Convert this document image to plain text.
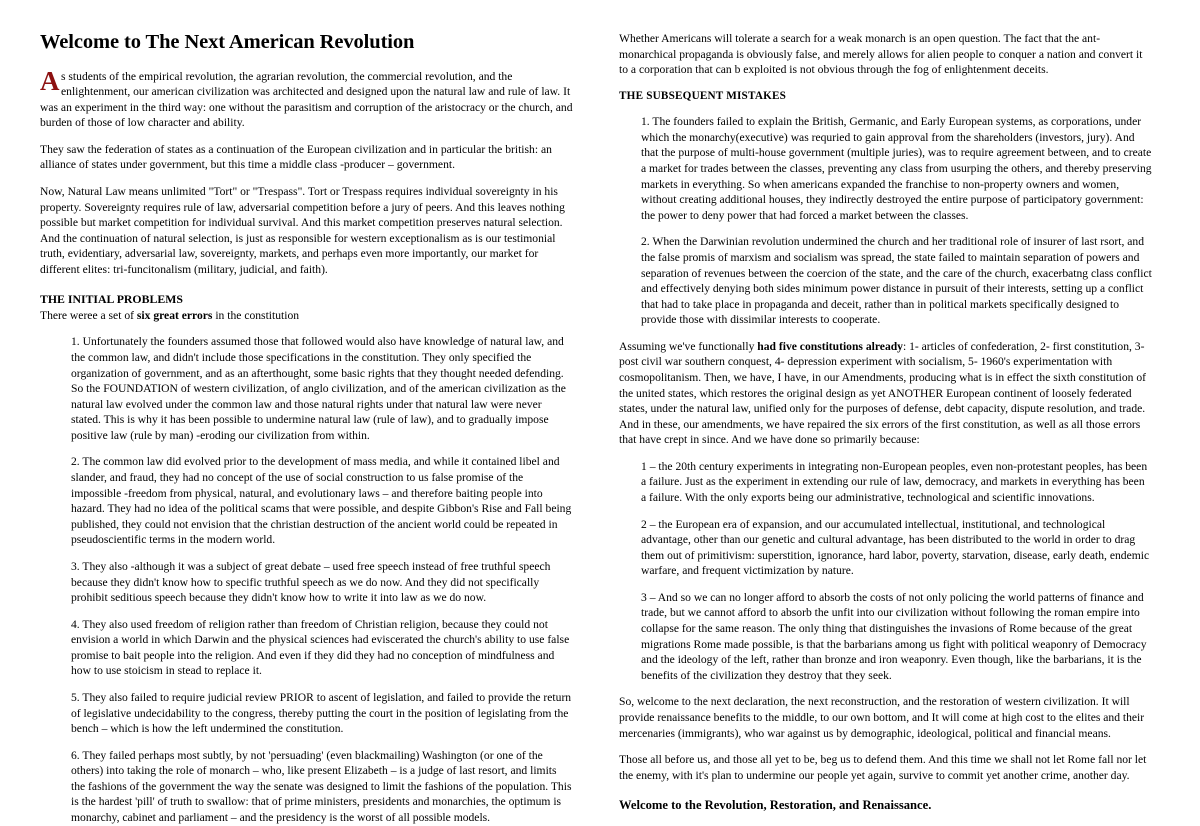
Welcome to The Next American Revolution

As students of the empirical revolution, the agrarian revolution, the commercial revolution, and the enlightenment, our american civilization was architected and designed upon the natural law and rule of law. It was an experiment in the third way: one without the parasitism and corruption of the aristocracy or the church, and burden of those of low character and ability.

They saw the federation of states as a continuation of the European civilization and in particular the british: an alliance of states under government, but this time a middle class -producer – government.

Now, Natural Law means unlimited "Tort" or "Trespass". Tort or Trespass requires individual sovereignty in his property. Sovereignty requires rule of law, adversarial competition before a jury of peers. And this leaves nothing possible but market competition for individual survival. And this market competition preserves natural selection. And the continuation of natural selection, is just as responsible for western exceptionalism as is our testimonial truth, evidentiary, adversarial law, sovereignty, markets, and perhaps even more importantly, our market for different elites: tri-funcitonalism (military, judicial, and faith).

THE INITIAL PROBLEMS

There weree a set of six great errors in the constitution

1. Unfortunately the founders assumed those that followed would also have knowledge of natural law, and the common law, and didn't include those specifications in the constitution. They only specified the organization of government, and as an afterthought, some basic rights that they thought needed defending. So the FOUNDATION of western civilization, of anglo civilization, and of the american civilization as the natural law evolved under the common law and those natural rights under that natural law were never stated. This is why it has been possible to undermine natural law (rule of law), and to gradually impose positive law (rule by man) -eroding our civilization from within.

2. The common law did evolved prior to the development of mass media, and while it contained libel and slander, and fraud, they had no concept of the use of social construction to us false promise of the impossible -freedom from physical, natural, and evolutionary laws – and therefore baiting people into hazard. They had no idea of the political scams that were possible, and despite Gibbon's Rise and Fall being published, they could not envision that the christian destruction of the ancient world could be repeated in pseudoscientific terms in the modern world.

3. They also -although it was a subject of great debate – used free speech instead of free truthful speech because they didn't know how to specific truthful speech as we do now. And they did not specifically prohibit seditious speech because they didn't know how to write it into law as we do now.

4. They also used freedom of religion rather than freedom of Christian religion, because they could not envision a world in which Darwin and the physical sciences had eviscerated the church's ability to use false promise to bait people into the religion. And even if they did they had no conception of mindfulness and how to use stoicism in stead to replace it.

5. They also failed to require judicial review PRIOR to ascent of legislation, and failed to provide the return of legislative undecidability to the congress, thereby putting the court in the position of legislating from the bench – which is how the left undermined the constitution.

6. They failed perhaps most subtly, by not 'persuading' (even blackmailing) Washington (or one of the others) into taking the role of monarch – who, like present Elizabeth – is a judge of last resort, and limits the fashions of the government the way the senate was designed to limit the fashions of the population. This is the hardest 'pill' of truth to swallow: that of prime ministers, presidents and monarchies, the optimum is monarchy, cabinet and parliament – and the presidency is the worst of all possible models.

Whether Americans will tolerate a search for a weak monarch is an open question. The fact that the ant-monarchical propaganda is obviously false, and merely allows for alien people to conquer a nation and convert it to a corporation that can b exploited is not obvious through the fog of enlightenment deceits.

THE SUBSEQUENT MISTAKES

1. The founders failed to explain the British, Germanic, and Early European systems, as corporations, under which the monarchy(executive) was requried to gain approval from the shareholders (investors, jury). And that the purpose of multi-house government (multiple juries), was to require agreement between, and to create a market for trades between the classes, preventing any class from usurping the others, and thereby preserving markets in everything. So when americans expanded the franchise to non-property owners and women, without creating additional houses, they indirectly destroyed the entire purpose of participatory government: the power to deny power that had forced a market between the classes.

2. When the Darwinian revolution undermined the church and her traditional role of insurer of last rsort, and the false promis of marxism and socialism was spread, the state failed to maintain separation of powers and separation of revenues between the coercion of the state, and the care of the church, exacerbatng class conflict and effectively denying both sides minimum power distance in pursuit of their interests, setting up a conflict that had to take place in propaganda and deceit, rather than in political markets specifically designed to provide those with dissimilar interests to cooperate.

Assuming we've functionally had five constitutions already: 1- articles of confederation, 2- first constitution, 3- post civil war southern conquest, 4- depression experiment with socialism, 5- 1960's experimentation with cosmopolitanism. Then, we have, I have, in our Amendments, producing what is in effect the sixth constitution of the united states, which restores the original design as yet ANOTHER European continent of loosely federated states, under the natural law, unified only for the purposes of defense, debt capacity, dispute resolution, and trade. And in these, our amendments, we have repaired the six errors of the first constitution, as well as all those errors that have crept in since. And we have done so primarily because:

1 – the 20th century experiments in integrating non-European peoples, even non-protestant peoples, has been a failure. Just as the experiment in extending our rule of law, democracy, and markets in everything has been a failure. With the only exports being our administrative, technological and scientific innovations.

2 – the European era of expansion, and our accumulated intellectual, institutional, and technological advantage, other than our genetic and cultural advantage, has been distributed to the world in order to drag them out of primitivism: superstition, ignorance, hard labor, poverty, starvation, disease, early death, endemic warfare, and frequent victimization by nature.

3 – And so we can no longer afford to absorb the costs of not only policing the world patterns of finance and trade, but we cannot afford to absorb the unfit into our civilization without following the roman empire into collapse for the same reason. The only thing that distinguishes the invasions of Rome because of the great migrations Rome made possible, is that the barbarians among us fight with political weaponry of Democracy and the ideology of the left, rather than bronze and iron weaponry. Even though, like the barbarians, it is the benefits of the civilization they destroy that they seek.

So, welcome to the next declaration, the next reconstruction, and the restoration of western civilization. It will provide renaissance benefits to the middle, to our own bottom, and It will come at high cost to the elites and their mercenaries (immigrants), who war against us by demographic, ideological, political and financial means.

Those all before us, and those all yet to be, beg us to defend them. And this time we shall not let Rome fall nor let the enemy, with it's plan to undermine our people yet again, survive to commit yet another crime, another day.

Welcome to the Revolution, Restoration, and Renaissance.
